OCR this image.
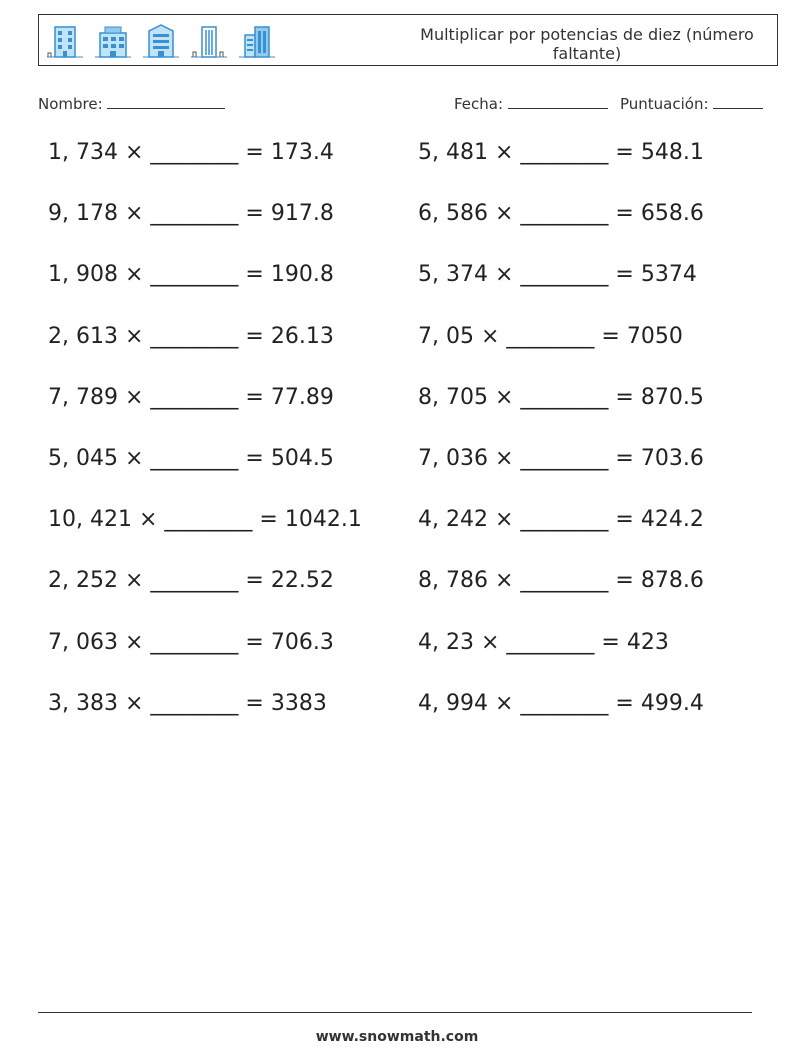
Multiplicar por potencias de diez (número faltante)
Nombre:	Fecha:	Puntuación:
1, 734 × ________ = 173.4
9, 178 × ________ = 917.8
1, 908 × ________ = 190.8
2, 613 × ________ = 26.13
7, 789 × ________ = 77.89
5, 045 × ________ = 504.5
10, 421 × ________ = 1042.1
2, 252 × ________ = 22.52
7, 063 × ________ = 706.3
3, 383 × ________ = 3383
5, 481 × ________ = 548.1
6, 586 × ________ = 658.6
5, 374 × ________ = 5374
7, 05 × ________ = 7050
8, 705 × ________ = 870.5
7, 036 × ________ = 703.6
4, 242 × ________ = 424.2
8, 786 × ________ = 878.6
4, 23 × ________ = 423
4, 994 × ________ = 499.4
www.snowmath.com
